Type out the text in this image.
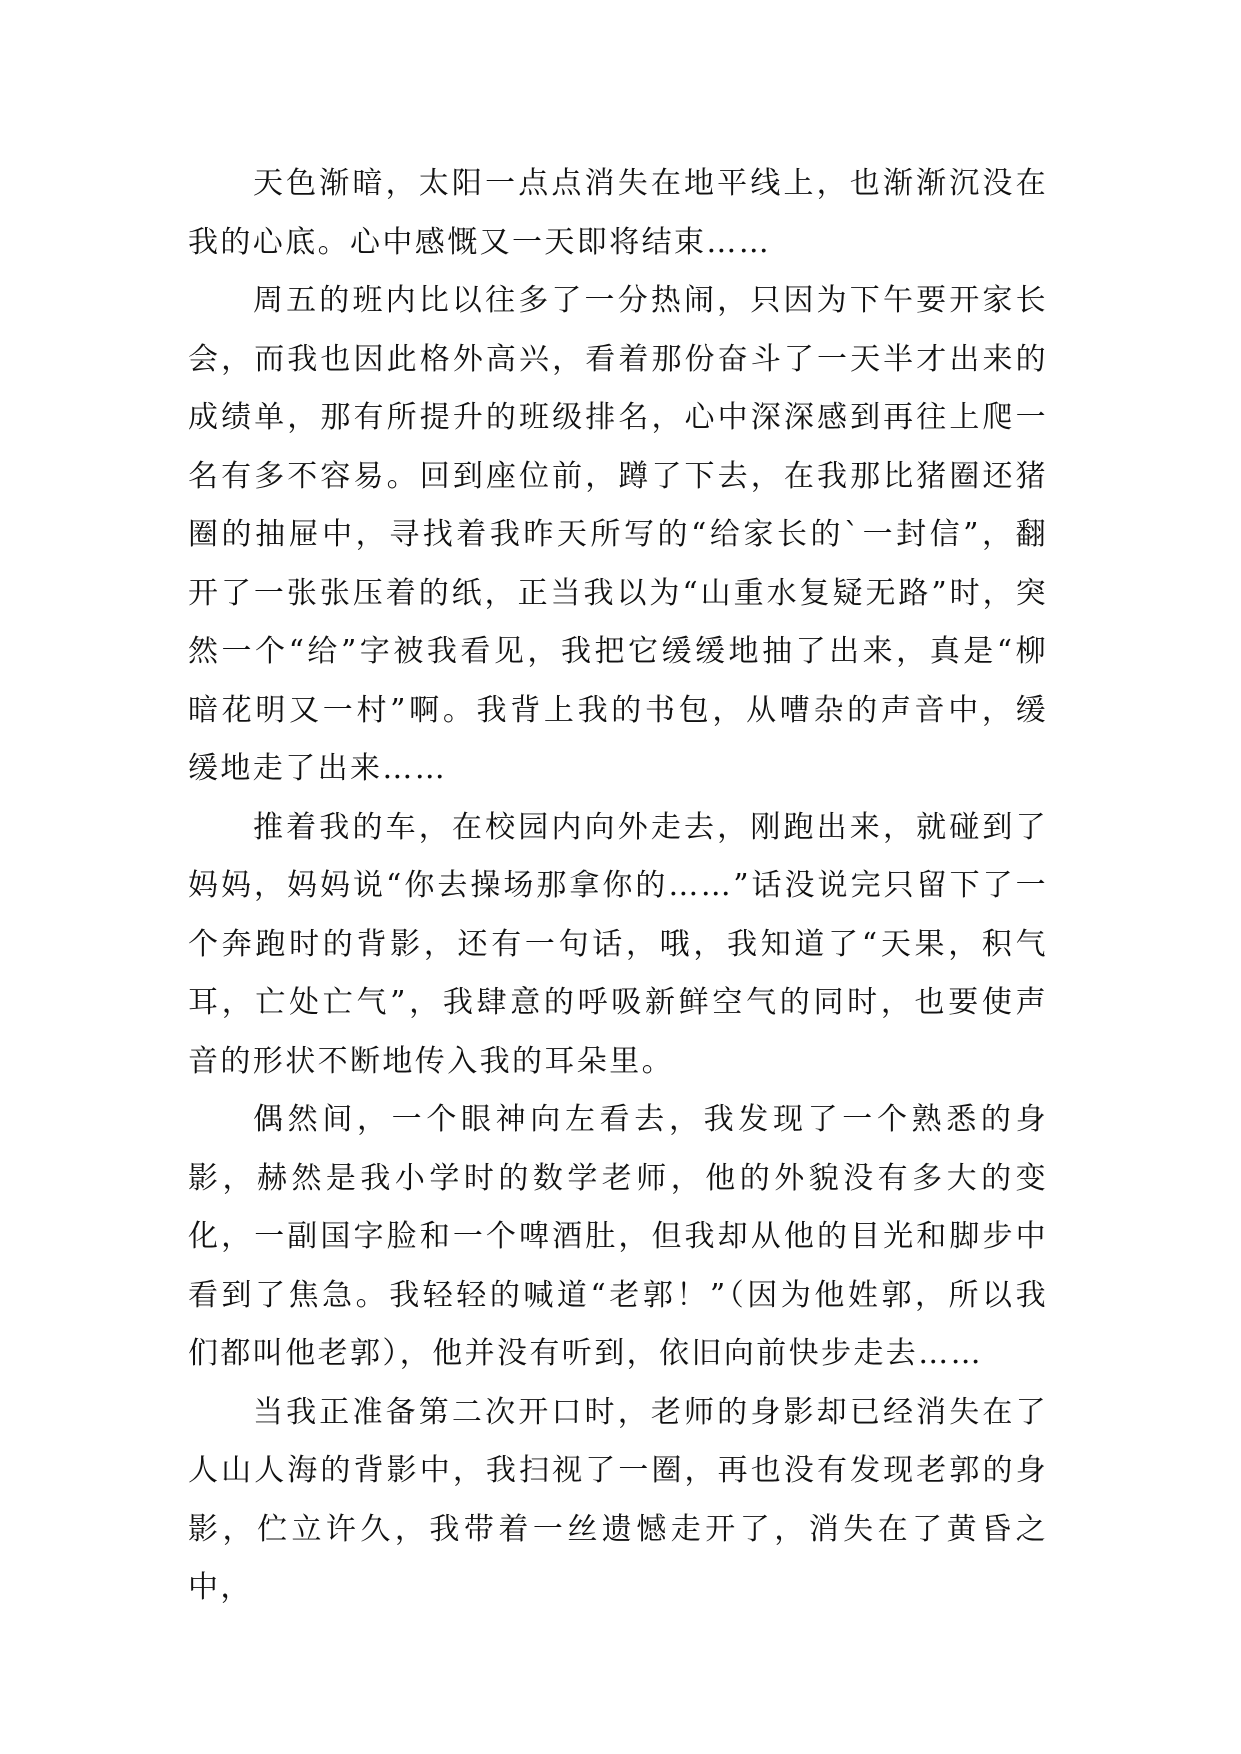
天色渐暗，太阳一点点消失在地平线上，也渐渐沉没在我的心底。心中感慨又一天即将结束……

周五的班内比以往多了一分热闹，只因为下午要开家长会，而我也因此格外高兴，看着那份奋斗了一天半才出来的成绩单，那有所提升的班级排名，心中深深感到再往上爬一名有多不容易。回到座位前，蹲了下去，在我那比猪圈还猪圈的抽屉中，寻找着我昨天所写的“给家长的`一封信”，翻开了一张张压着的纸，正当我以为“山重水复疑无路”时，突然一个“给”字被我看见，我把它缓缓地抽了出来，真是“柳暗花明又一村”啊。我背上我的书包，从嘈杂的声音中，缓缓地走了出来……

推着我的车，在校园内向外走去，刚跑出来，就碰到了妈妈，妈妈说“你去操场那拿你的……”话没说完只留下了一个奔跑时的背影，还有一句话，哦，我知道了“天果，积气耳，亡处亡气”，我肆意的呼吸新鲜空气的同时，也要使声音的形状不断地传入我的耳朵里。

偶然间，一个眼神向左看去，我发现了一个熟悉的身影，赫然是我小学时的数学老师，他的外貌没有多大的变化，一副国字脸和一个啤酒肚，但我却从他的目光和脚步中看到了焦急。我轻轻的喊道“老郭！”（因为他姓郭，所以我们都叫他老郭），他并没有听到，依旧向前快步走去……

当我正准备第二次开口时，老师的身影却已经消失在了人山人海的背影中，我扫视了一圈，再也没有发现老郭的身影，伫立许久，我带着一丝遗憾走开了，消失在了黄昏之中，
